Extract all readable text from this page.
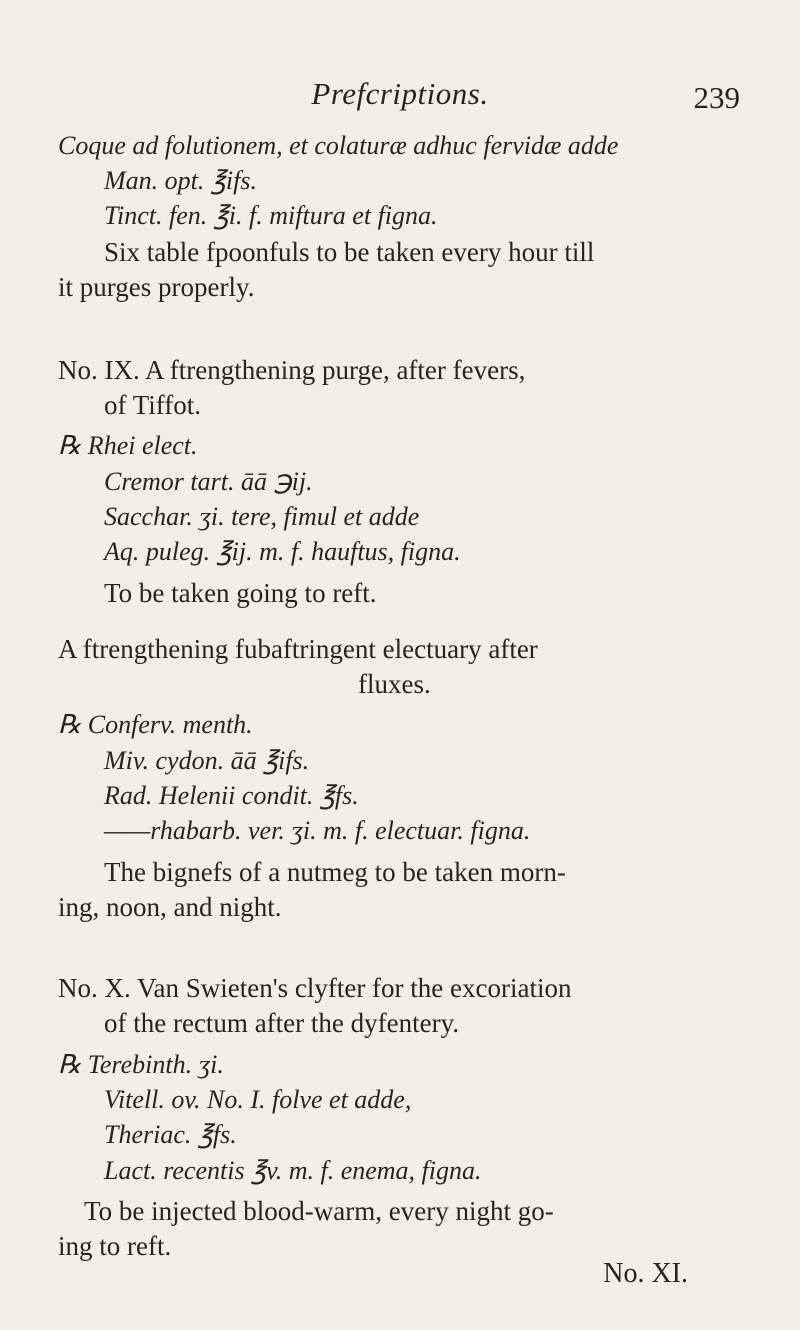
Prefcriptions.	239
Coque ad folutionem, et colaturæ adhuc fervidæ adde
Man. opt. ℥ifs.
Tinct. fen. ℥i. f. miftura et figna.
Six table fpoonfuls to be taken every hour till
it purges properly.
No. IX. A ftrengthening purge, after fevers,
of Tiffot.
℞ Rhei elect.
Cremor tart. āā ℈ij.
Sacchar. ʒi. tere, fimul et adde
Aq. puleg. ℥ij. m. f. hauftus, figna.
To be taken going to reft.
A ftrengthening fubaftringent electuary after
fluxes.
℞ Conferv. menth.
Miv. cydon. āā ℥ifs.
Rad. Helenii condit. ℥fs.
——rhabarb. ver. ʒi. m. f. electuar. figna.
The bignefs of a nutmeg to be taken morn-
ing, noon, and night.
No. X. Van Swieten's clyfter for the excoriation
of the rectum after the dyfentery.
℞ Terebinth. ʒi.
Vitell. ov. No. I. folve et adde,
Theriac. ℥fs.
Lact. recentis ℥v. m. f. enema, figna.
To be injected blood-warm, every night go-
ing to reft.
No. XI.
